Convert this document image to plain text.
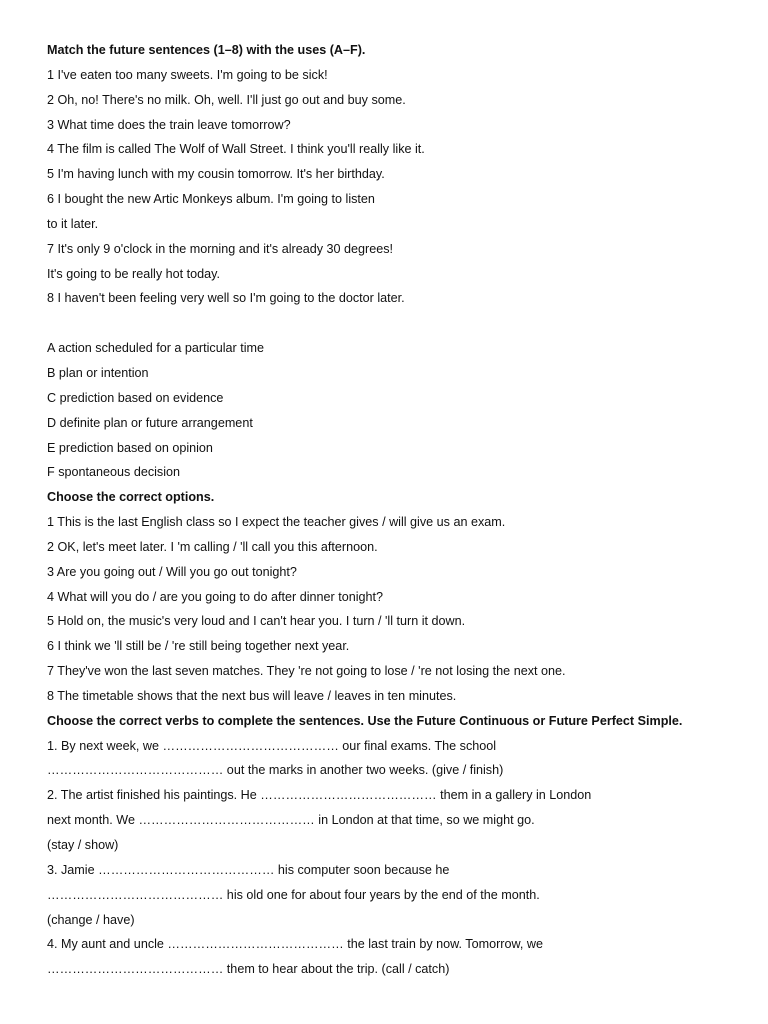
Match the future sentences (1–8) with the uses (A–F).
1 I've eaten too many sweets. I'm going to be sick!
2 Oh, no! There's no milk. Oh, well. I'll just go out and buy some.
3 What time does the train leave tomorrow?
4 The film is called The Wolf of Wall Street. I think you'll really like it.
5 I'm having lunch with my cousin tomorrow. It's her birthday.
6 I bought the new Artic Monkeys album. I'm going to listen
to it later.
7 It's only 9 o'clock in the morning and it's already 30 degrees!
It's going to be really hot today.
8 I haven't been feeling very well so I'm going to the doctor later.
A action scheduled for a particular time
B plan or intention
C prediction based on evidence
D definite plan or future arrangement
E prediction based on opinion
F spontaneous decision
Choose the correct options.
1 This is the last English class so I expect the teacher gives / will give us an exam.
2 OK, let's meet later. I 'm calling / 'll call you this afternoon.
3 Are you going out / Will you go out tonight?
4 What will you do / are you going to do after dinner tonight?
5 Hold on, the music's very loud and I can't hear you. I turn / 'll turn it down.
6 I think we 'll still be / 're still being together next year.
7 They've won the last seven matches. They 're not going to lose / 're not losing the next one.
8 The timetable shows that the next bus will leave / leaves in ten minutes.
Choose the correct verbs to complete the sentences. Use the Future Continuous or Future Perfect Simple.
1. By next week, we …………………………………… our final exams. The school
…………………………………… out the marks in another two weeks. (give / finish)
2. The artist finished his paintings. He …………………………………… them in a gallery in London
next month. We …………………………………… in London at that time, so we might go.
(stay / show)
3. Jamie …………………………………… his computer soon because he
…………………………………… his old one for about four years by the end of the month.
(change / have)
4. My aunt and uncle …………………………………… the last train by now. Tomorrow, we
…………………………………… them to hear about the trip. (call / catch)
